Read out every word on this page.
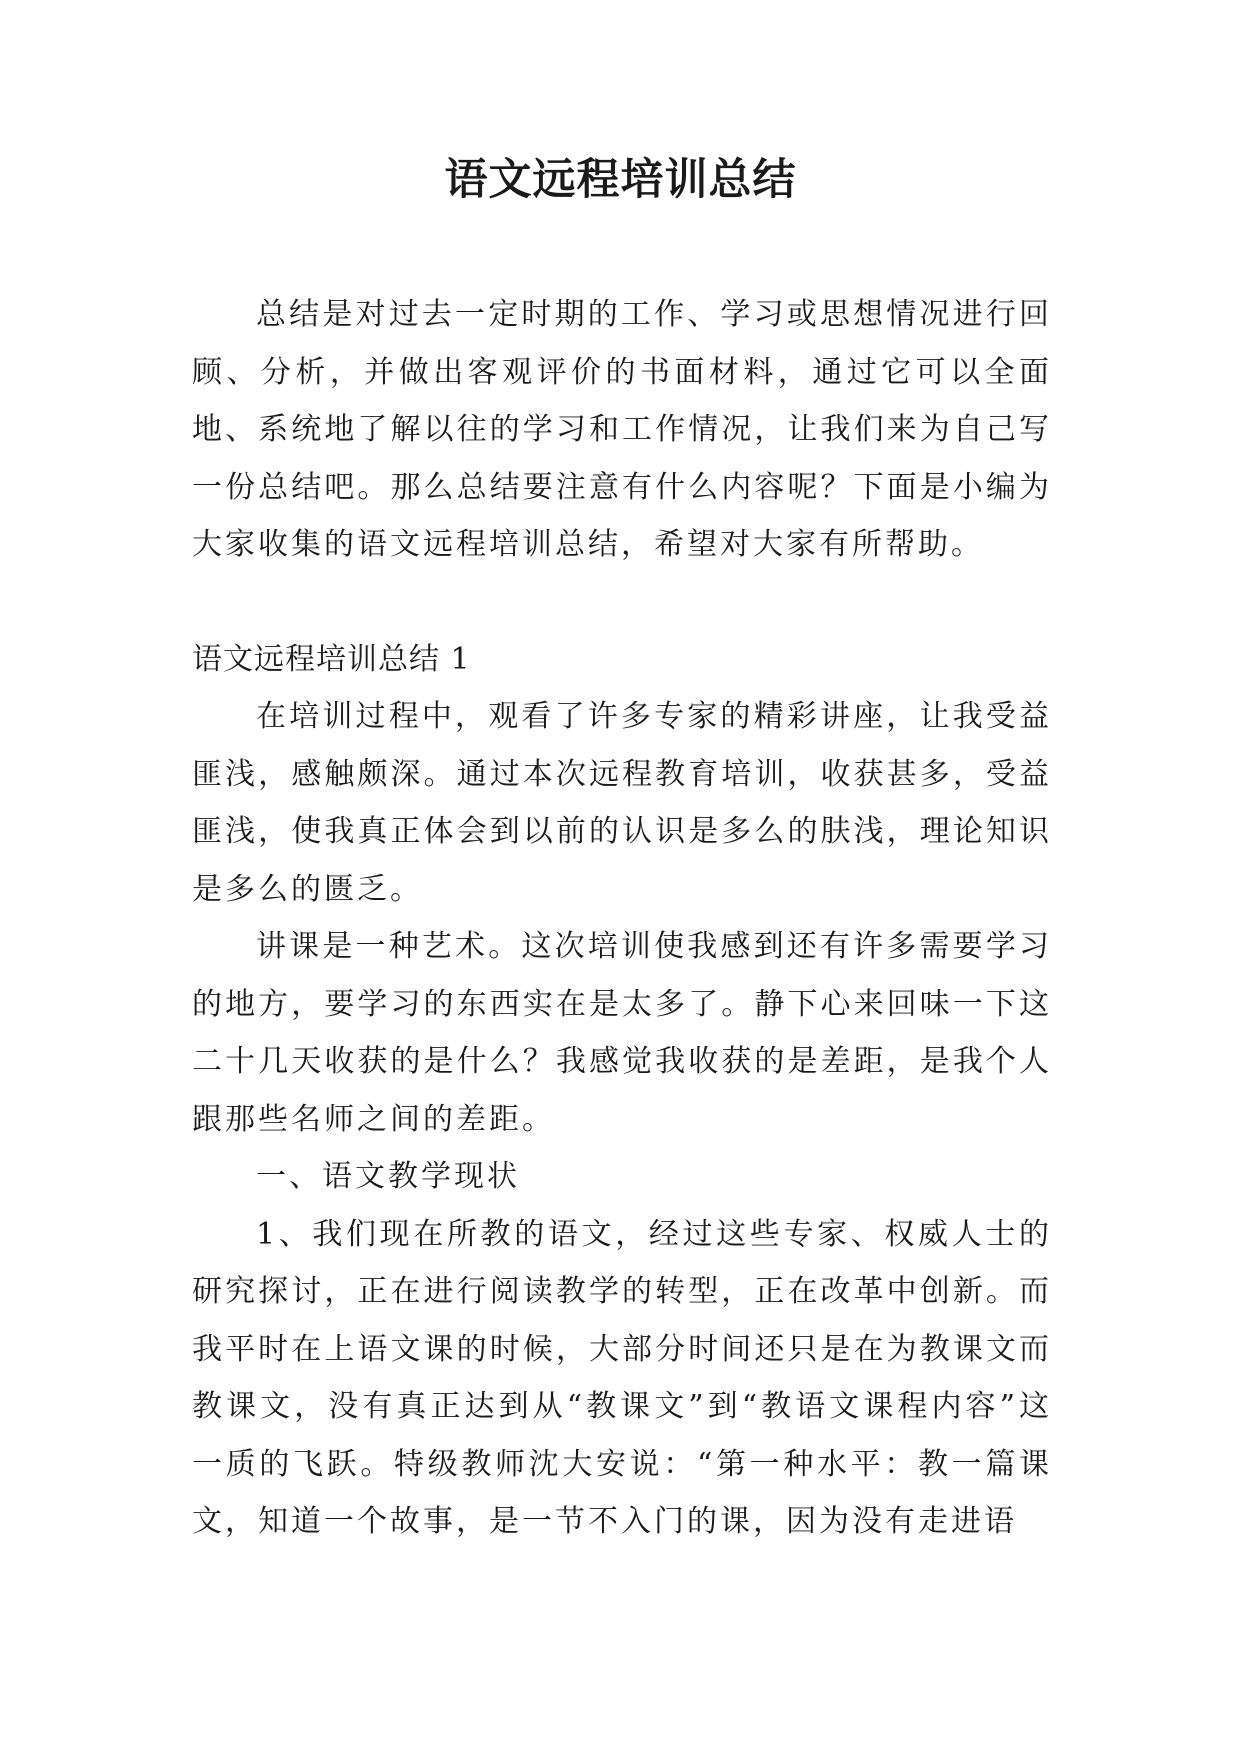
语文远程培训总结

总结是对过去一定时期的工作、学习或思想情况进行回顾、分析，并做出客观评价的书面材料，通过它可以全面地、系统地了解以往的学习和工作情况，让我们来为自己写一份总结吧。那么总结要注意有什么内容呢？下面是小编为大家收集的语文远程培训总结，希望对大家有所帮助。

语文远程培训总结 1

在培训过程中，观看了许多专家的精彩讲座，让我受益匪浅，感触颇深。通过本次远程教育培训，收获甚多，受益匪浅，使我真正体会到以前的认识是多么的肤浅，理论知识是多么的匮乏。

讲课是一种艺术。这次培训使我感到还有许多需要学习的地方，要学习的东西实在是太多了。静下心来回味一下这二十几天收获的是什么？我感觉我收获的是差距，是我个人跟那些名师之间的差距。

一、语文教学现状

1、我们现在所教的语文，经过这些专家、权威人士的研究探讨，正在进行阅读教学的转型，正在改革中创新。而我平时在上语文课的时候，大部分时间还只是在为教课文而教课文，没有真正达到从“教课文”到“教语文课程内容”这一质的飞跃。特级教师沈大安说：“第一种水平：教一篇课文，知道一个故事，是一节不入门的课，因为没有走进语
